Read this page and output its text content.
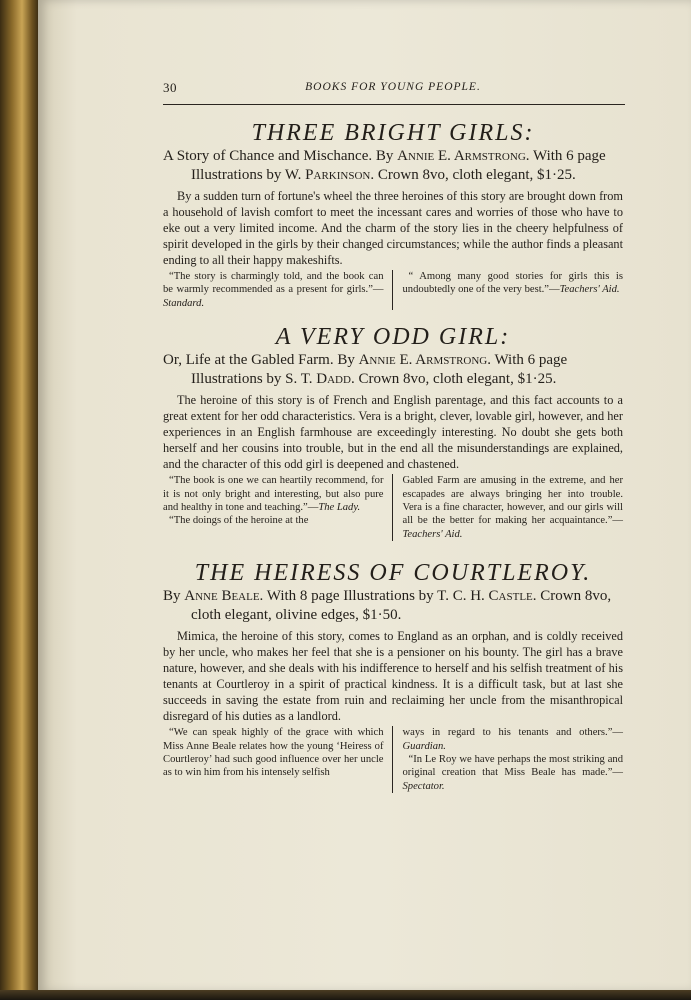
30	BOOKS FOR YOUNG PEOPLE.
THREE BRIGHT GIRLS:

A Story of Chance and Mischance. By Annie E. Armstrong. With 6 page Illustrations by W. Parkinson. Crown 8vo, cloth elegant, $1·25.

By a sudden turn of fortune's wheel the three heroines of this story are brought down from a household of lavish comfort to meet the incessant cares and worries of those who have to eke out a very limited income. And the charm of the story lies in the cheery helpfulness of spirit developed in the girls by their changed circumstances; while the author finds a pleasant ending to all their happy makeshifts.

“The story is charmingly told, and the book can be warmly recommended as a present for girls.”—Standard.

“ Among many good stories for girls this is undoubtedly one of the very best.”—Teachers' Aid.

A VERY ODD GIRL:

Or, Life at the Gabled Farm. By Annie E. Armstrong. With 6 page Illustrations by S. T. Dadd. Crown 8vo, cloth elegant, $1·25.

The heroine of this story is of French and English parentage, and this fact accounts to a great extent for her odd characteristics. Vera is a bright, clever, lovable girl, however, and her experiences in an English farmhouse are exceedingly interesting. No doubt she gets both herself and her cousins into trouble, but in the end all the misunderstandings are explained, and the character of this odd girl is deepened and chastened.

“The book is one we can heartily recommend, for it is not only bright and interesting, but also pure and healthy in tone and teaching.”—The Lady.

“The doings of the heroine at the

Gabled Farm are amusing in the extreme, and her escapades are always bringing her into trouble. Vera is a fine character, however, and our girls will all be the better for making her acquaintance.”—Teachers' Aid.

THE HEIRESS OF COURTLEROY.

By Anne Beale. With 8 page Illustrations by T. C. H. Castle. Crown 8vo, cloth elegant, olivine edges, $1·50.

Mimica, the heroine of this story, comes to England as an orphan, and is coldly received by her uncle, who makes her feel that she is a pensioner on his bounty. The girl has a brave nature, however, and she deals with his indifference to herself and his selfish treatment of his tenants at Courtleroy in a spirit of practical kindness. It is a difficult task, but at last she succeeds in saving the estate from ruin and reclaiming her uncle from the misanthropical disregard of his duties as a landlord.

“We can speak highly of the grace with which Miss Anne Beale relates how the young ‘Heiress of Courtleroy’ had such good influence over her uncle as to win him from his intensely selfish

ways in regard to his tenants and others.”—Guardian.

“In Le Roy we have perhaps the most striking and original creation that Miss Beale has made.”—Spectator.
